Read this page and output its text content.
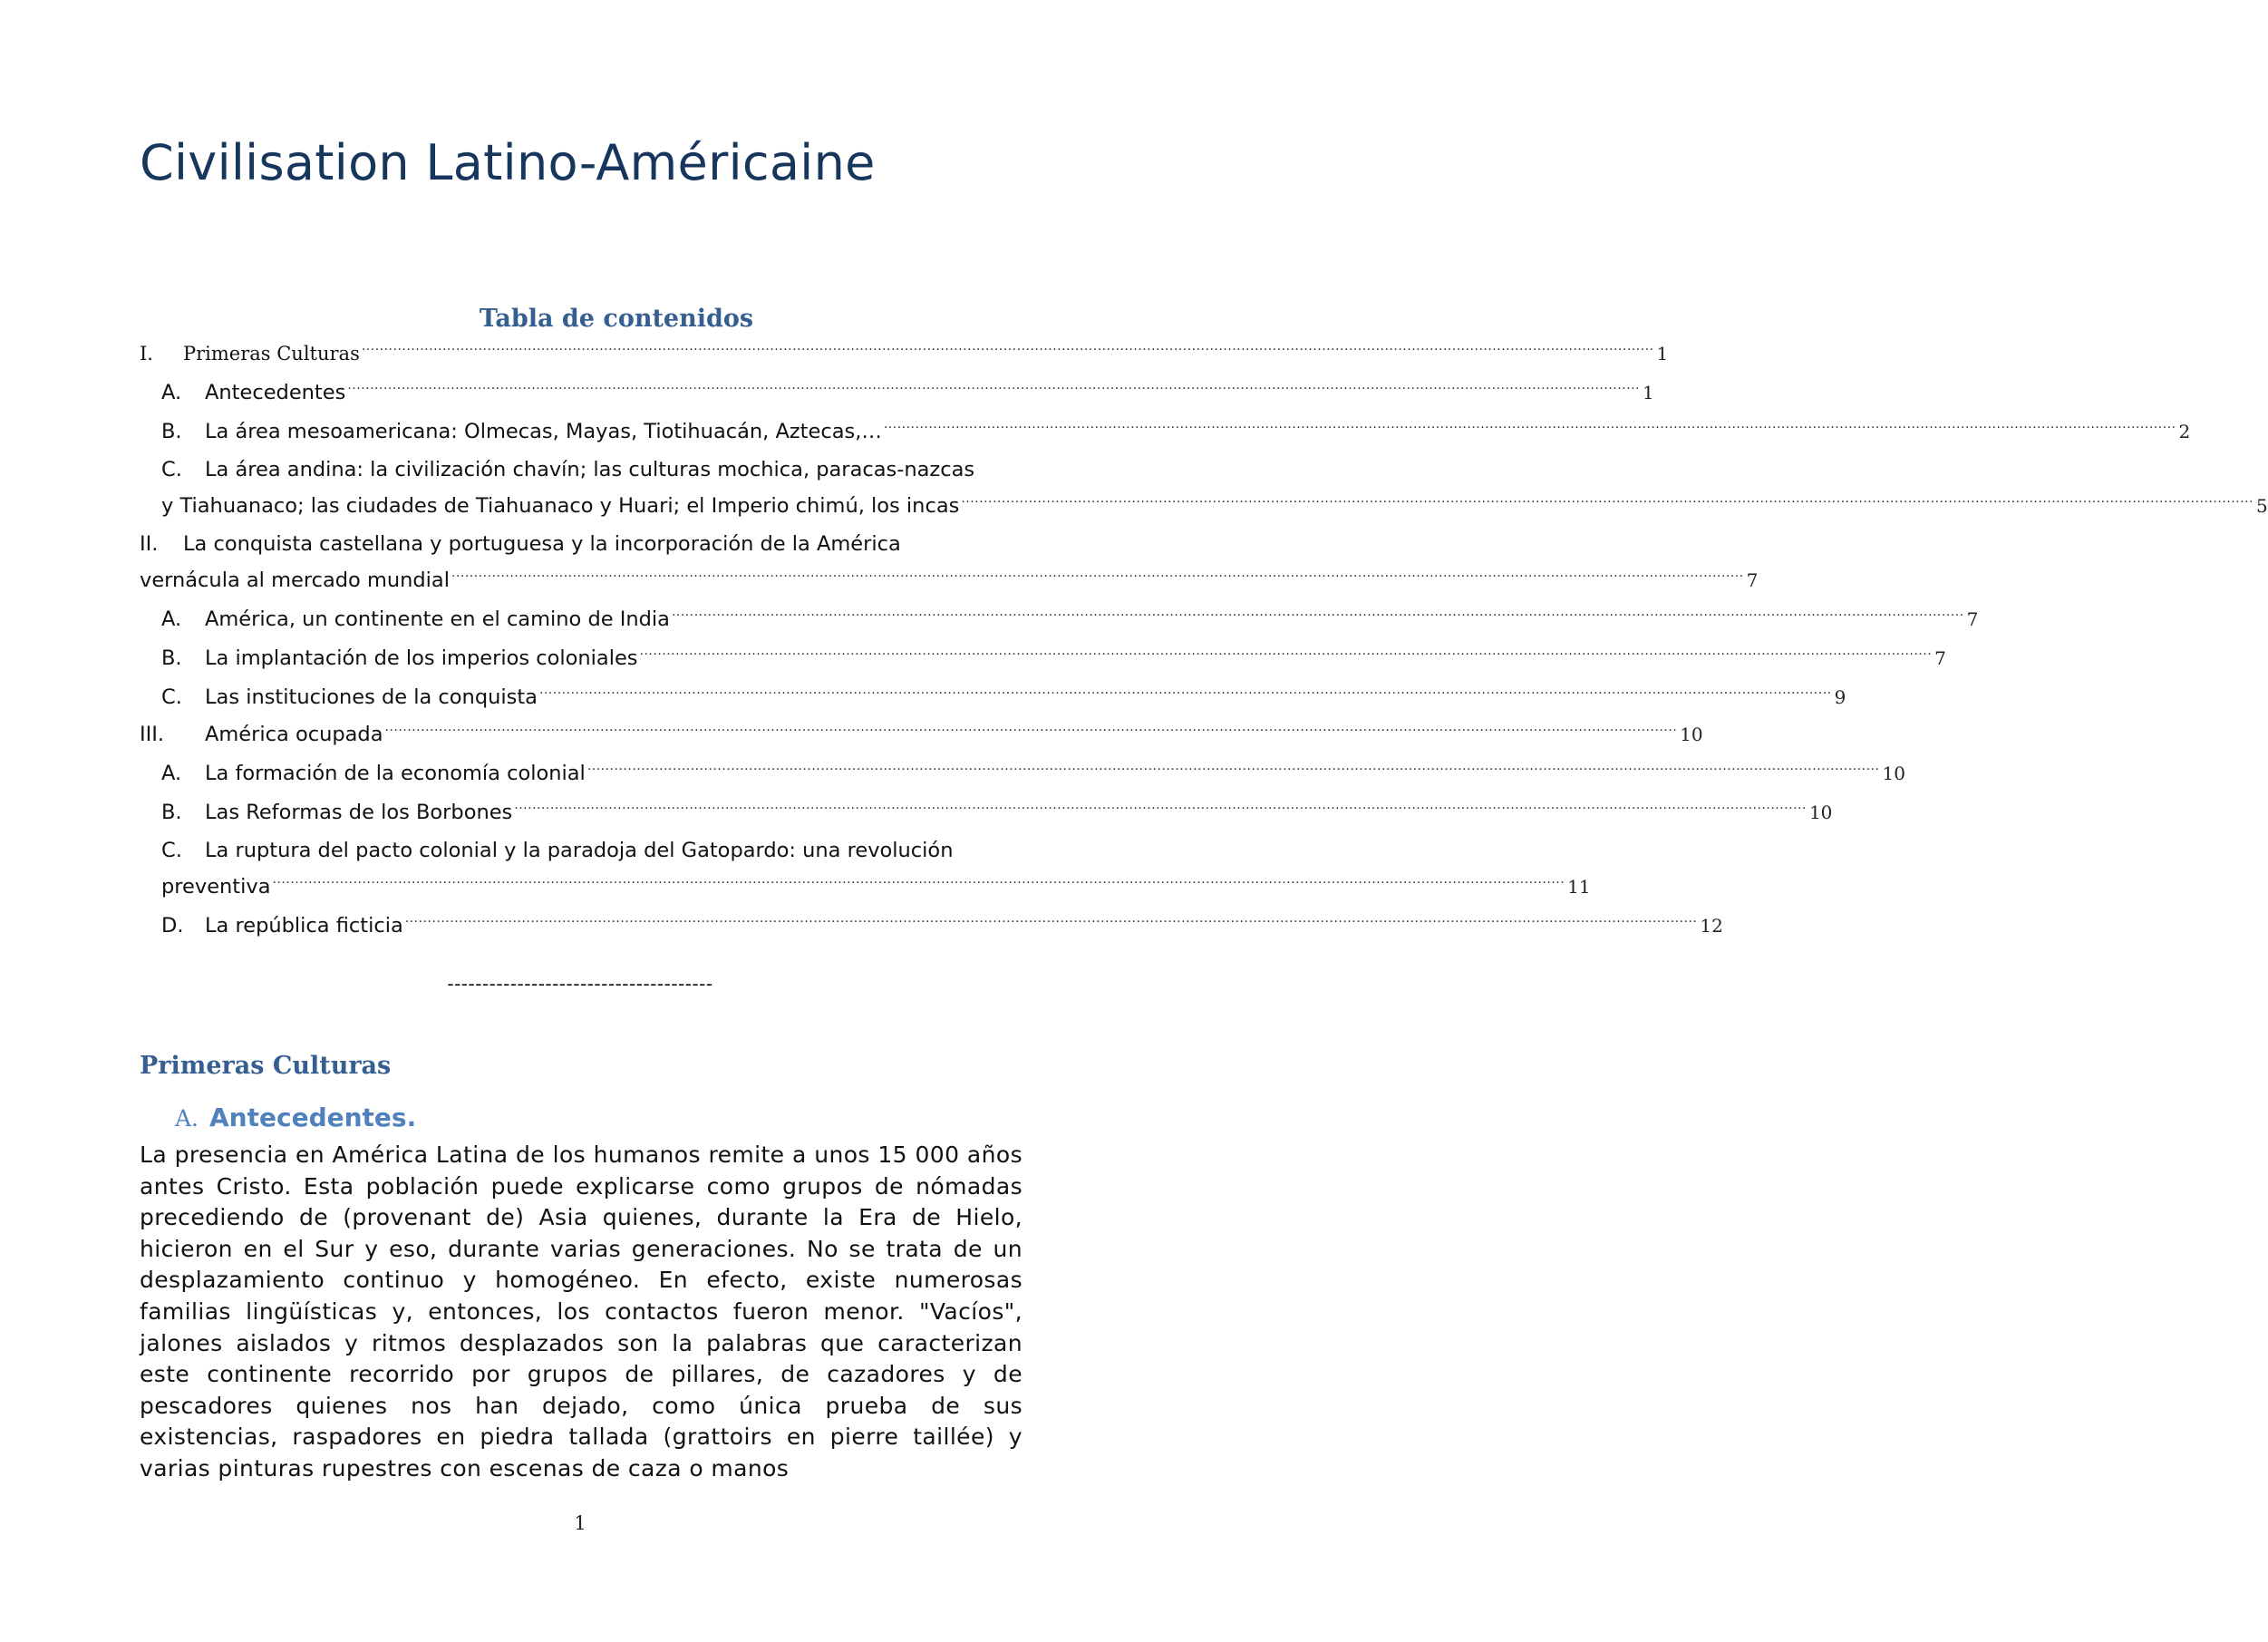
Civilisation Latino-Américaine
Tabla de contenidos
I.	Primeras Culturas .....	1
A.	Antecedentes .....	1
B.	La área mesoamericana: Olmecas, Mayas, Tiotihuacán, Aztecas,… .....	2
C. La área andina: la civilización chavín; las culturas mochica, paracas-nazcas
y Tiahuanaco; las ciudades de Tiahuanaco y Huari; el Imperio chimú, los incas .....	5
II. La conquista castellana y portuguesa y la incorporación de la América
vernácula al mercado mundial .....	7
A.	América, un continente en el camino de India .....	7
B.	La implantación de los imperios coloniales .....	7
C.	Las instituciones de la conquista .....	9
III.	América ocupada .....	10
A.	La formación de la economía colonial .....	10
B.	Las Reformas de los Borbones .....	10
C. La ruptura del pacto colonial y la paradoja del Gatopardo: una revolución
preventiva .....	11
D.	La república ficticia .....	12
--------------------------------------
Primeras Culturas
A. Antecedentes.
La presencia en América Latina de los humanos remite a unos 15 000 años antes Cristo. Esta población puede explicarse como grupos de nómadas precediendo de (provenant de) Asia quienes, durante la Era de Hielo, hicieron en el Sur y eso, durante varias generaciones. No se trata de un desplazamiento continuo y homogéneo. En efecto, existe numerosas familias lingüísticas y, entonces, los contactos fueron menor. "Vacíos", jalones aislados y ritmos desplazados son la palabras que caracterizan este continente recorrido por grupos de pillares, de cazadores y de pescadores quienes nos han dejado, como única prueba de sus existencias, raspadores en piedra tallada (grattoirs en pierre taillée) y varias pinturas rupestres con escenas de caza o manos
1
